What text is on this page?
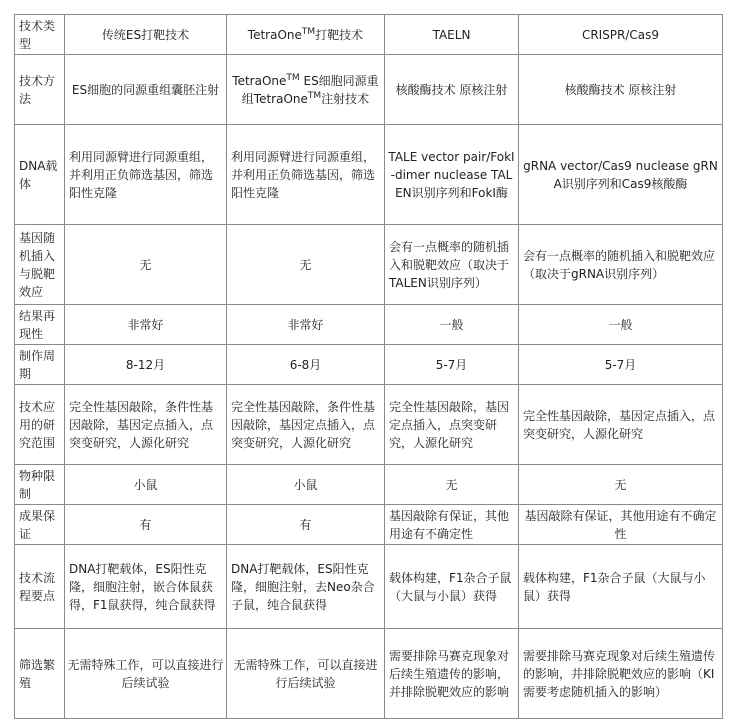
技术类型	传统ES打靶技术	TetraOne™打靶技术	TAELN	CRISPR/Cas9
技术方法	ES细胞的同源重组囊胚注射	TetraOne™ ES细胞同源重组TetraOne™注射技术	核酸酶技术 原核注射	核酸酶技术 原核注射
DNA载体	利用同源臂进行同源重组，并利用正负筛选基因，筛选阳性克隆	利用同源臂进行同源重组，并利用正负筛选基因，筛选阳性克隆	TALE vector pair/FokI-dimer nuclease TALEN识别序列和FokI酶	gRNA vector/Cas9 nuclease gRNA识别序列和Cas9核酸酶
基因随机插入与脱靶效应	无	无	会有一点概率的随机插入和脱靶效应（取决于TALEN识别序列）	会有一点概率的随机插入和脱靶效应（取决于gRNA识别序列）
结果再现性	非常好	非常好	一般	一般
制作周期	8-12月	6-8月	5-7月	5-7月
技术应用的研究范围	完全性基因敲除，条件性基因敲除，基因定点插入，点突变研究，人源化研究	完全性基因敲除，条件性基因敲除，基因定点插入，点突变研究，人源化研究	完全性基因敲除，基因定点插入，点突变研究，人源化研究	完全性基因敲除，基因定点插入，点突变研究，人源化研究
物种限制	小鼠	小鼠	无	无
成果保证	有	有	基因敲除有保证，其他用途有不确定性	基因敲除有保证，其他用途有不确定性
技术流程要点	DNA打靶载体，ES阳性克隆，细胞注射，嵌合体鼠获得，F1鼠获得，纯合鼠获得	DNA打靶载体，ES阳性克隆，细胞注射，去Neo杂合子鼠，纯合鼠获得	载体构建，F1杂合子鼠（大鼠与小鼠）获得	载体构建，F1杂合子鼠（大鼠与小鼠）获得
筛选繁殖	无需特殊工作，可以直接进行后续试验	无需特殊工作，可以直接进行后续试验	需要排除马赛克现象对后续生殖遗传的影响，并排除脱靶效应的影响	需要排除马赛克现象对后续生殖遗传的影响，并排除脱靶效应的影响（KI需要考虑随机插入的影响）
